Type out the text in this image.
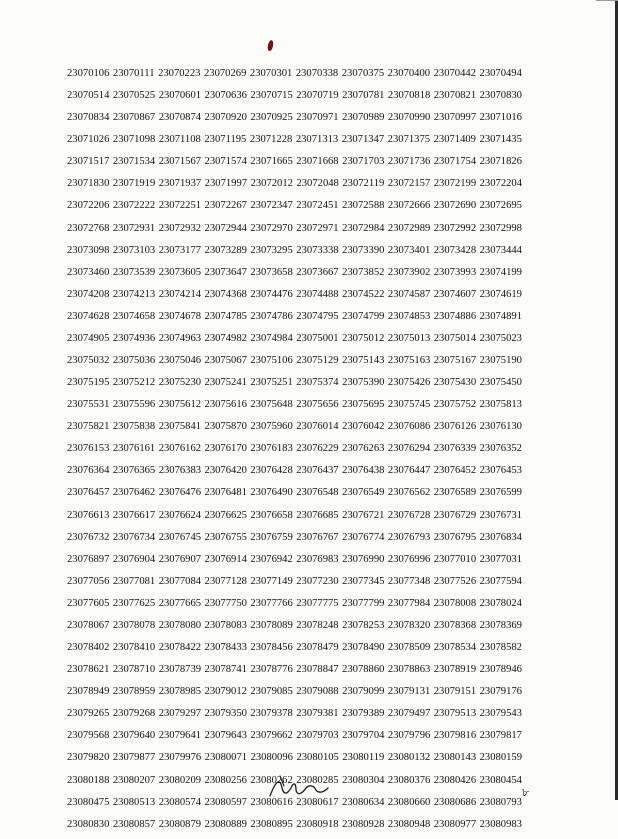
23070106 23070111 23070223 23070269 23070301 23070338 23070375 23070400 23070442 23070494
23070514 23070525 23070601 23070636 23070715 23070719 23070781 23070818 23070821 23070830
23070834 23070867 23070874 23070920 23070925 23070971 23070989 23070990 23070997 23071016
23071026 23071098 23071108 23071195 23071228 23071313 23071347 23071375 23071409 23071435
23071517 23071534 23071567 23071574 23071665 23071668 23071703 23071736 23071754 23071826
23071830 23071919 23071937 23071997 23072012 23072048 23072119 23072157 23072199 23072204
23072206 23072222 23072251 23072267 23072347 23072451 23072588 23072666 23072690 23072695
23072768 23072931 23072932 23072944 23072970 23072971 23072984 23072989 23072992 23072998
23073098 23073103 23073177 23073289 23073295 23073338 23073390 23073401 23073428 23073444
23073460 23073539 23073605 23073647 23073658 23073667 23073852 23073902 23073993 23074199
23074208 23074213 23074214 23074368 23074476 23074488 23074522 23074587 23074607 23074619
23074628 23074658 23074678 23074785 23074786 23074795 23074799 23074853 23074886 23074891
23074905 23074936 23074963 23074982 23074984 23075001 23075012 23075013 23075014 23075023
23075032 23075036 23075046 23075067 23075106 23075129 23075143 23075163 23075167 23075190
23075195 23075212 23075230 23075241 23075251 23075374 23075390 23075426 23075430 23075450
23075531 23075596 23075612 23075616 23075648 23075656 23075695 23075745 23075752 23075813
23075821 23075838 23075841 23075870 23075960 23076014 23076042 23076086 23076126 23076130
23076153 23076161 23076162 23076170 23076183 23076229 23076263 23076294 23076339 23076352
23076364 23076365 23076383 23076420 23076428 23076437 23076438 23076447 23076452 23076453
23076457 23076462 23076476 23076481 23076490 23076548 23076549 23076562 23076589 23076599
23076613 23076617 23076624 23076625 23076658 23076685 23076721 23076728 23076729 23076731
23076732 23076734 23076745 23076755 23076759 23076767 23076774 23076793 23076795 23076834
23076897 23076904 23076907 23076914 23076942 23076983 23076990 23076996 23077010 23077031
23077056 23077081 23077084 23077128 23077149 23077230 23077345 23077348 23077526 23077594
23077605 23077625 23077665 23077750 23077766 23077775 23077799 23077984 23078008 23078024
23078067 23078078 23078080 23078083 23078089 23078248 23078253 23078320 23078368 23078369
23078402 23078410 23078422 23078433 23078456 23078479 23078490 23078509 23078534 23078582
23078621 23078710 23078739 23078741 23078776 23078847 23078860 23078863 23078919 23078946
23078949 23078959 23078985 23079012 23079085 23079088 23079099 23079131 23079151 23079176
23079265 23079268 23079297 23079350 23079378 23079381 23079389 23079497 23079513 23079543
23079568 23079640 23079641 23079643 23079662 23079703 23079704 23079796 23079816 23079817
23079820 23079877 23079976 23080071 23080096 23080105 23080119 23080132 23080143 23080159
23080188 23080207 23080209 23080256 23080262 23080285 23080304 23080376 23080426 23080454
23080475 23080513 23080574 23080597 23080616 23080617 23080634 23080660 23080686 23080793
23080830 23080857 23080879 23080889 23080895 23080918 23080928 23080948 23080977 23080983
৮
